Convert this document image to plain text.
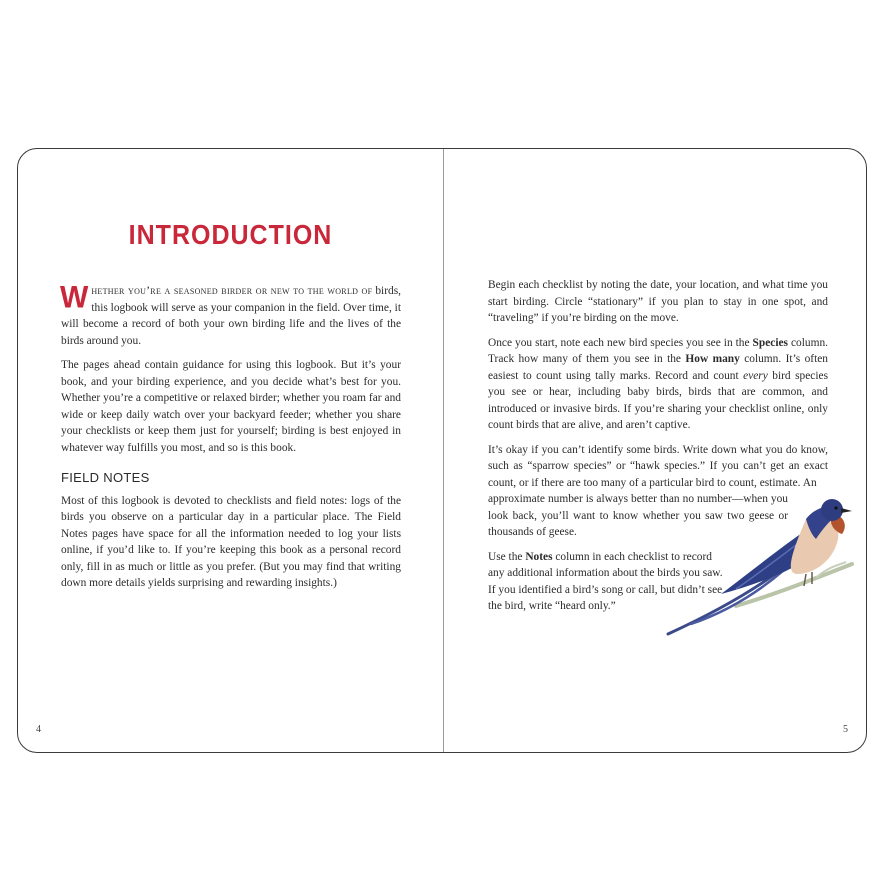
INTRODUCTION

Whether you’re a seasoned birder or new to the world of birds, this logbook will serve as your companion in the field. Over time, it will become a record of both your own birding life and the lives of the birds around you.

The pages ahead contain guidance for using this logbook. But it’s your book, and your birding experience, and you decide what’s best for you. Whether you’re a competitive or relaxed birder; whether you roam far and wide or keep daily watch over your backyard feeder; whether you share your checklists or keep them just for yourself; birding is best enjoyed in whatever way fulfills you most, and so is this book.

FIELD NOTES

Most of this logbook is devoted to checklists and field notes: logs of the birds you observe on a particular day in a particular place. The Field Notes pages have space for all the information needed to log your lists online, if you’d like to. If you’re keeping this book as a personal record only, fill in as much or little as you prefer. (But you may find that writing down more details yields surprising and rewarding insights.)

4

Begin each checklist by noting the date, your location, and what time you start birding. Circle “stationary” if you plan to stay in one spot, and “traveling” if you’re birding on the move.

Once you start, note each new bird species you see in the Species column. Track how many of them you see in the How many column. It’s often easiest to count using tally marks. Record and count every bird species you see or hear, including baby birds, birds that are common, and introduced or invasive birds. If you’re sharing your checklist online, only count birds that are alive, and aren’t captive.

It’s okay if you can’t identify some birds. Write down what you do know, such as “sparrow species” or “hawk species.” If you can’t get an exact count, or if there are too many of a particular bird to count, estimate. An

approximate number is always better than no number—when you look back, you’ll want to know whether you saw two geese or thousands of geese.

Use the Notes column in each checklist to record any additional information about the birds you saw.
If you identified a bird’s song or call, but didn’t see the bird, write “heard only.”

5
